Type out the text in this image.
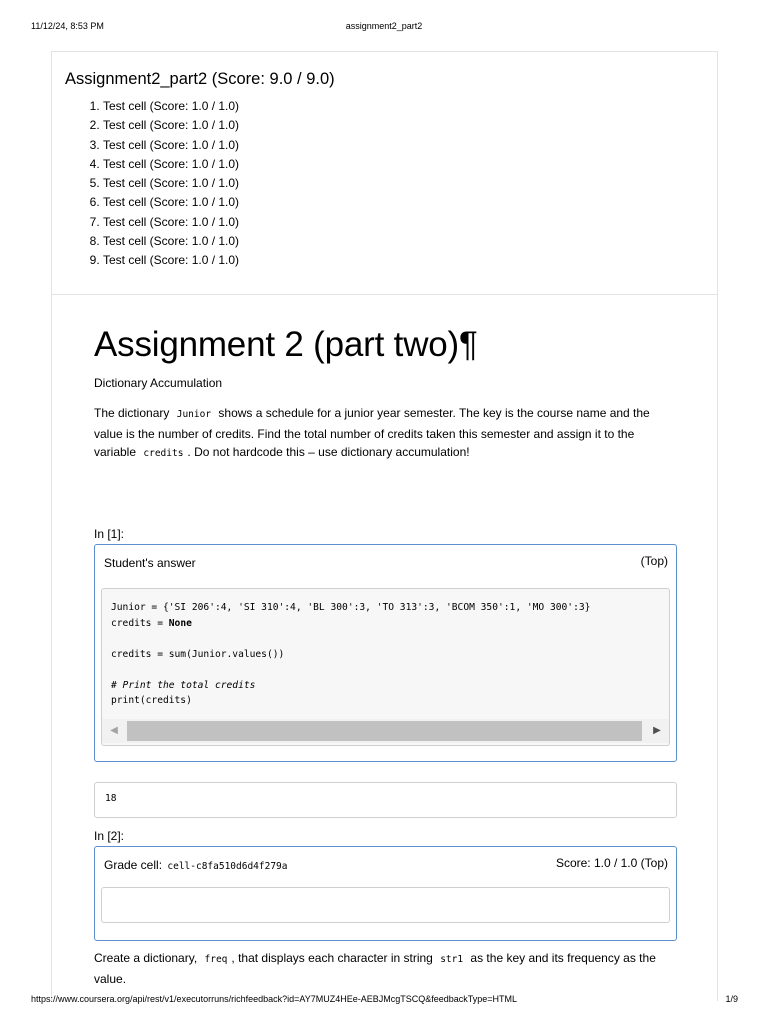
11/12/24, 8:53 PM	assignment2_part2
Assignment2_part2 (Score: 9.0 / 9.0)
1. Test cell (Score: 1.0 / 1.0)
2. Test cell (Score: 1.0 / 1.0)
3. Test cell (Score: 1.0 / 1.0)
4. Test cell (Score: 1.0 / 1.0)
5. Test cell (Score: 1.0 / 1.0)
6. Test cell (Score: 1.0 / 1.0)
7. Test cell (Score: 1.0 / 1.0)
8. Test cell (Score: 1.0 / 1.0)
9. Test cell (Score: 1.0 / 1.0)
Assignment 2 (part two)¶

Dictionary Accumulation

The dictionary Junior shows a schedule for a junior year semester. The key is the course name and the value is the number of credits. Find the total number of credits taken this semester and assign it to the variable credits . Do not hardcode this – use dictionary accumulation!

In [1]:
Student's answer	(Top)
Junior = {'SI 206':4, 'SI 310':4, 'BL 300':3, 'TO 313':3, 'BCOM 350':1, 'MO 300':3}
credits = None

credits = sum(Junior.values())

# Print the total credits
print(credits)
◀	▶
18
In [2]:
Grade cell: cell-c8fa510d6d4f279a	Score: 1.0 / 1.0 (Top)

Create a dictionary, freq , that displays each character in string str1 as the key and its frequency as the value.

https://www.coursera.org/api/rest/v1/executorruns/richfeedback?id=AY7MUZ4HEe-AEBJMcgTSCQ&feedbackType=HTML	1/9
